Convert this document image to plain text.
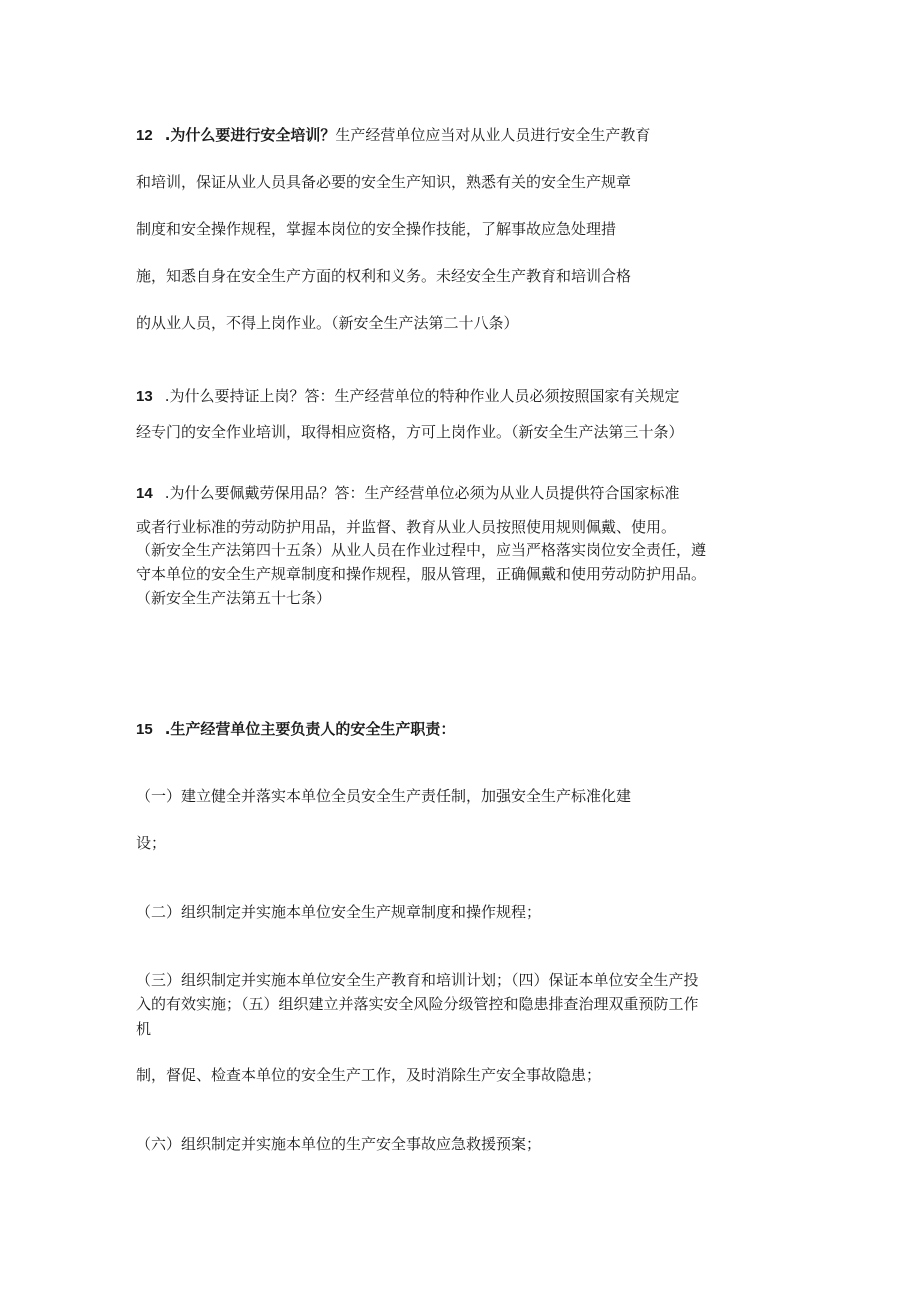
12 .为什么要进行安全培训？生产经营单位应当对从业人员进行安全生产教育
和培训，保证从业人员具备必要的安全生产知识，熟悉有关的安全生产规章
制度和安全操作规程，掌握本岗位的安全操作技能，了解事故应急处理措
施，知悉自身在安全生产方面的权利和义务。未经安全生产教育和培训合格
的从业人员，不得上岗作业。（新安全生产法第二十八条）
13 .为什么要持证上岗？答：生产经营单位的特种作业人员必须按照国家有关规定
经专门的安全作业培训，取得相应资格，方可上岗作业。（新安全生产法第三十条）
14 .为什么要佩戴劳保用品？答：生产经营单位必须为从业人员提供符合国家标准
或者行业标准的劳动防护用品，并监督、教育从业人员按照使用规则佩戴、使用。
（新安全生产法第四十五条）从业人员在作业过程中，应当严格落实岗位安全责任，遵
守本单位的安全生产规章制度和操作规程，服从管理，正确佩戴和使用劳动防护用品。
（新安全生产法第五十七条）
15 .生产经营单位主要负责人的安全生产职责：
（一）建立健全并落实本单位全员安全生产责任制，加强安全生产标准化建
设；
（二）组织制定并实施本单位安全生产规章制度和操作规程；
（三）组织制定并实施本单位安全生产教育和培训计划；（四）保证本单位安全生产投
入的有效实施；（五）组织建立并落实安全风险分级管控和隐患排查治理双重预防工作
机
制，督促、检查本单位的安全生产工作，及时消除生产安全事故隐患；
（六）组织制定并实施本单位的生产安全事故应急救援预案；
